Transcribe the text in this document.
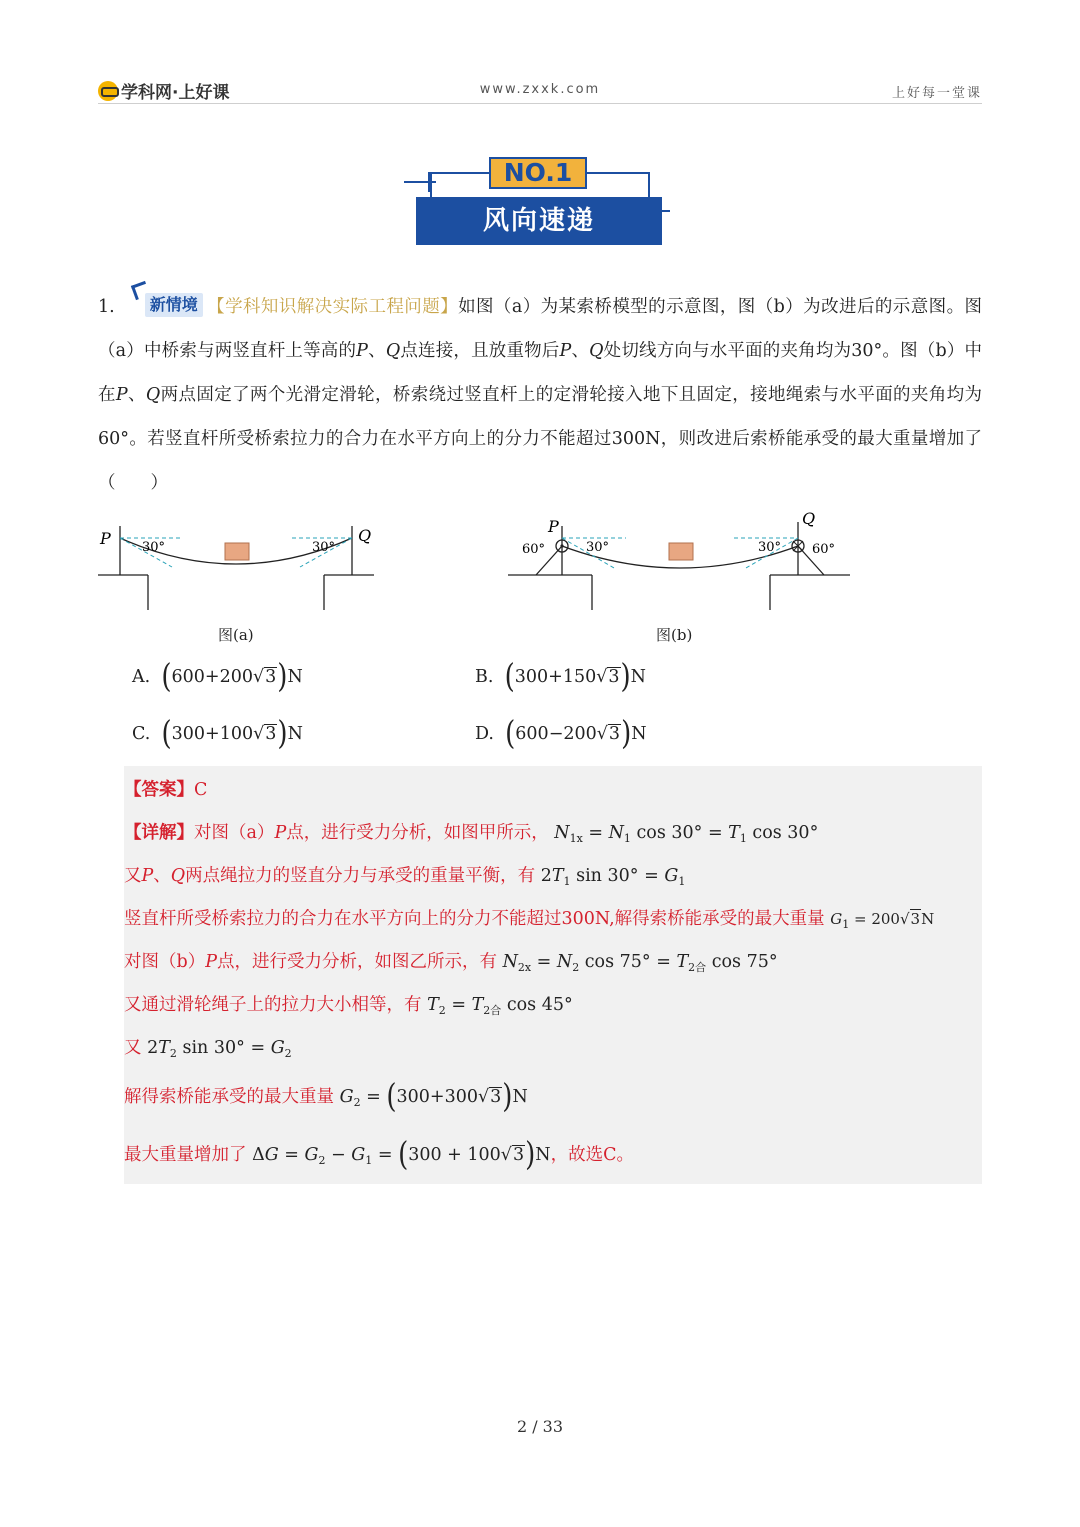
学科网·上好课	www.zxxk.com	上好每一堂课
NO.1
风向速递
1. 新情境 【学科知识解决实际工程问题】如图（a）为某索桥模型的示意图，图（b）为改进后的示意图。图（a）中桥索与两竖直杆上等高的P、Q点连接，且放重物后P、Q处切线方向与水平面的夹角均为30°。图（b）中在P、Q两点固定了两个光滑定滑轮，桥索绕过竖直杆上的定滑轮接入地下且固定，接地绳索与水平面的夹角均为60°。若竖直杆所受桥索拉力的合力在水平方向上的分力不能超过300N，则改进后索桥能承受的最大重量增加了（　　）
P	Q
30°	30°
图(a)
P	Q
60°	30°	30° 60°
图(b)
A. (600+200√3)N	B. (300+150√3)N
C. (300+100√3)N	D. (600−200√3)N
【答案】C
【详解】对图（a）P点，进行受力分析，如图甲所示， $N_{1x} = N_1$ $\cos 30^\circ = T_1$ cos 30°
又P、Q两点绳拉力的竖直分力与承受的重量平衡，有 $2T_1$ $\sin 30^\circ = G_1$
竖直杆所受桥索拉力的合力在水平方向上的分力不能超过300N,解得索桥能承受的最大重量 $G_1 = 200√3N$
对图（b）P点，进行受力分析，如图乙所示，有 $N_{2x} = N_2$ $\cos 75^\circ = T_{2合}$ cos 75°
又通过滑轮绳子上的拉力大小相等，有 $T_2 = T_{2合}$ cos 45°
又 $2T_2$ $\sin 30^\circ = G_2$
解得索桥能承受的最大重量 $G_2 = (300+300√3)N$
最大重量增加了 $\Delta G = G_2 - G_1 = (300 + 100√3)N$，故选C。
2 / 33
